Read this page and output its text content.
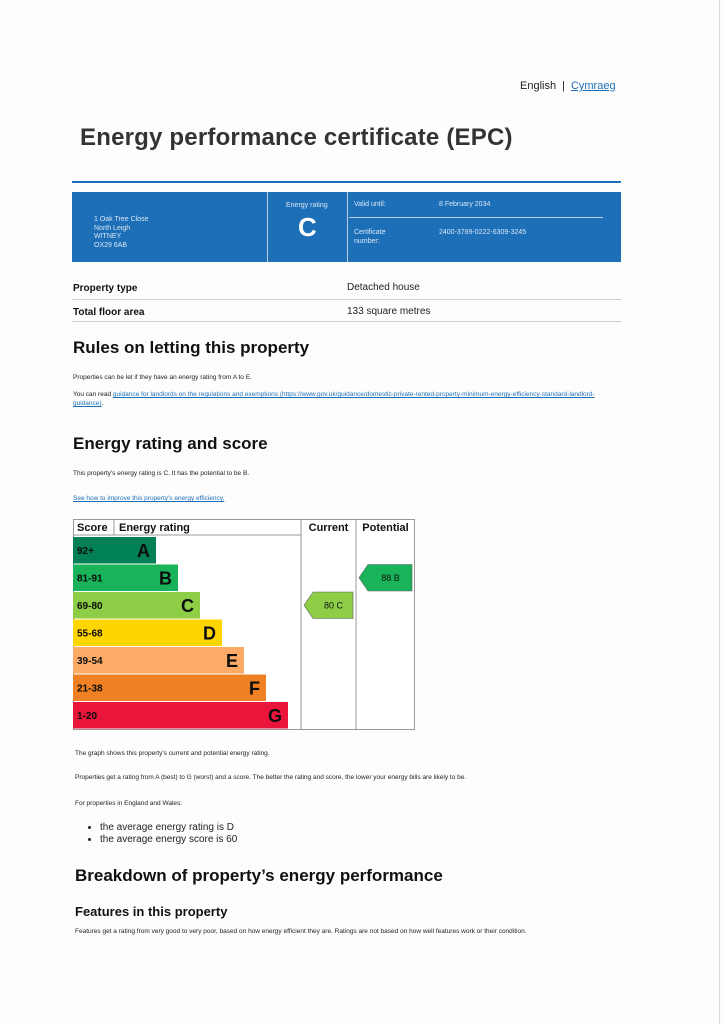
English | Cymraeg
Energy performance certificate (EPC)
1 Oak Tree Close
North Leigh
WITNEY
OX29 6AB
Energy rating
C
Valid until:	8 February 2034
Certificate
number:
2400-3789-0222-6309-3245
Property type	Detached house
Total floor area	133 square metres
Rules on letting this property
Properties can be let if they have an energy rating from A to E.
You can read guidance for landlords on the regulations and exemptions (https://www.gov.uk/guidance/domestic-private-rented-property-minimum-energy-efficiency-standard-landlord-guidance).
Energy rating and score
This property's energy rating is C. It has the potential to be B.
See how to improve this property's energy efficiency.
Score Energy rating	Current Potential
92+ A
81-91	B
69-80	C
55-68	D
39-54	E
21-38	F
1-20	G
80 C
88 B
The graph shows this property's current and potential energy rating.
Properties get a rating from A (best) to G (worst) and a score. The better the rating and score, the lower your energy bills are likely to be.
For properties in England and Wales:
• the average energy rating is D
• the average energy score is 60
Breakdown of property’s energy performance
Features in this property
Features get a rating from very good to very poor, based on how energy efficient they are. Ratings are not based on how well features work or their condition.
